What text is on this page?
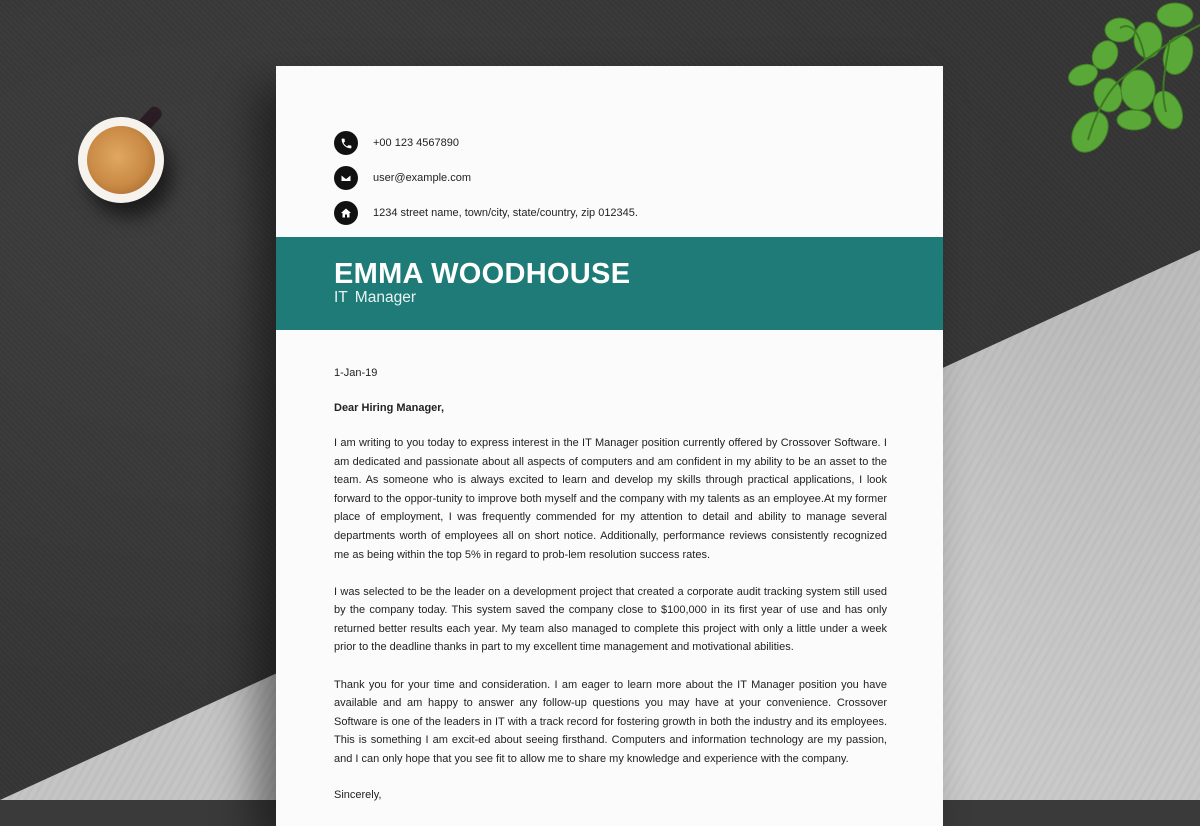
+00 123 4567890
user@example.com
1234 street name, town/city, state/country, zip 012345.
EMMA WOODHOUSE
IT Manager

1-Jan-19

Dear Hiring Manager,

I am writing to you today to express interest in the IT Manager position currently offered by Crossover Software. I am dedicated and passionate about all aspects of computers and am confident in my ability to be an asset to the team. As someone who is always excited to learn and develop my skills through practical applications, I look forward to the oppor-tunity to improve both myself and the company with my talents as an employee.At my former place of employment, I was frequently commended for my attention to detail and ability to manage several departments worth of employees all on short notice. Additionally, performance reviews consistently recognized me as being within the top 5% in regard to prob-lem resolution success rates.

I was selected to be the leader on a development project that created a corporate audit tracking system still used by the company today. This system saved the company close to $100,000 in its first year of use and has only returned better results each year. My team also managed to complete this project with only a little under a week prior to the deadline thanks in part to my excellent time management and motivational abilities.

Thank you for your time and consideration. I am eager to learn more about the IT Manager position you have available and am happy to answer any follow-up questions you may have at your convenience. Crossover Software is one of the leaders in IT with a track record for fostering growth in both the industry and its employees. This is something I am excit-ed about seeing firsthand. Computers and information technology are my passion, and I can only hope that you see fit to allow me to share my knowledge and experience with the company.

Sincerely,
